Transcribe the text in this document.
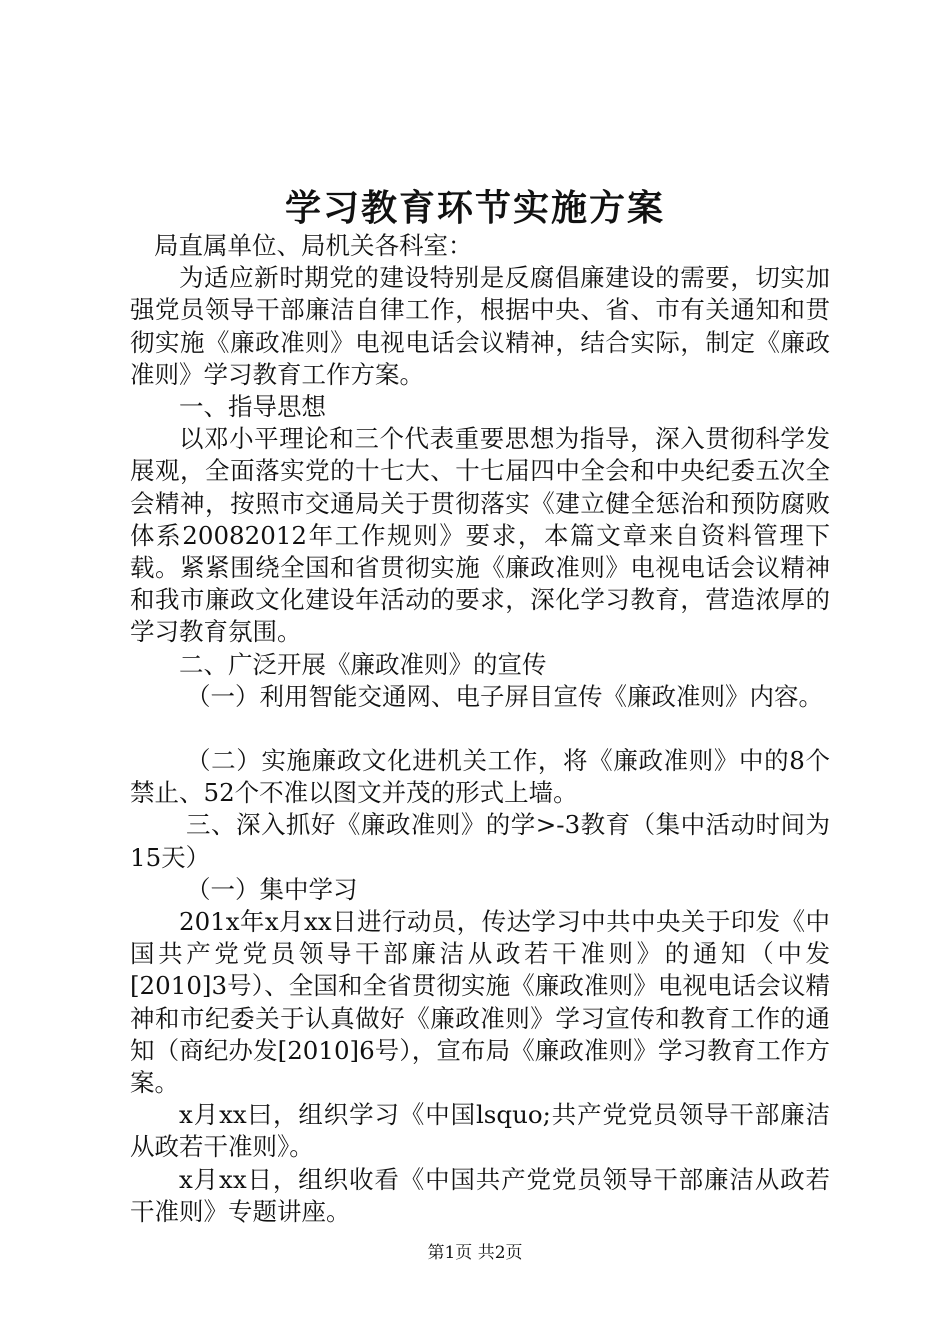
学习教育环节实施方案

局直属单位、局机关各科室：

为适应新时期党的建设特别是反腐倡廉建设的需要，切实加强党员领导干部廉洁自律工作，根据中央、省、市有关通知和贯彻实施《廉政准则》电视电话会议精神，结合实际，制定《廉政准则》学习教育工作方案。

一、指导思想

以邓小平理论和三个代表重要思想为指导，深入贯彻科学发展观，全面落实党的十七大、十七届四中全会和中央纪委五次全会精神，按照市交通局关于贯彻落实《建立健全惩治和预防腐败体系20082012年工作规则》要求，本篇文章来自资料管理下载。紧紧围绕全国和省贯彻实施《廉政准则》电视电话会议精神和我市廉政文化建设年活动的要求，深化学习教育，营造浓厚的学习教育氛围。

二、广泛开展《廉政准则》的宣传

（一）利用智能交通网、电子屏目宣传《廉政准则》内容。

（二）实施廉政文化进机关工作，将《廉政准则》中的8个禁止、52个不准以图文并茂的形式上墙。

三、深入抓好《廉政准则》的学>-3教育（集中活动时间为15天）

（一）集中学习

201x年x月xx日进行动员，传达学习中共中央关于印发《中国共产党党员领导干部廉洁从政若干准则》的通知（中发[2010]3号）、全国和全省贯彻实施《廉政准则》电视电话会议精神和市纪委关于认真做好《廉政准则》学习宣传和教育工作的通知（商纪办发[2010]6号），宣布局《廉政准则》学习教育工作方案。

x月xx曰，组织学习《中国lsquo;共产党党员领导干部廉洁从政若干准则》。

x月xx日，组织收看《中国共产党党员领导干部廉洁从政若干准则》专题讲座。

第1页 共2页
